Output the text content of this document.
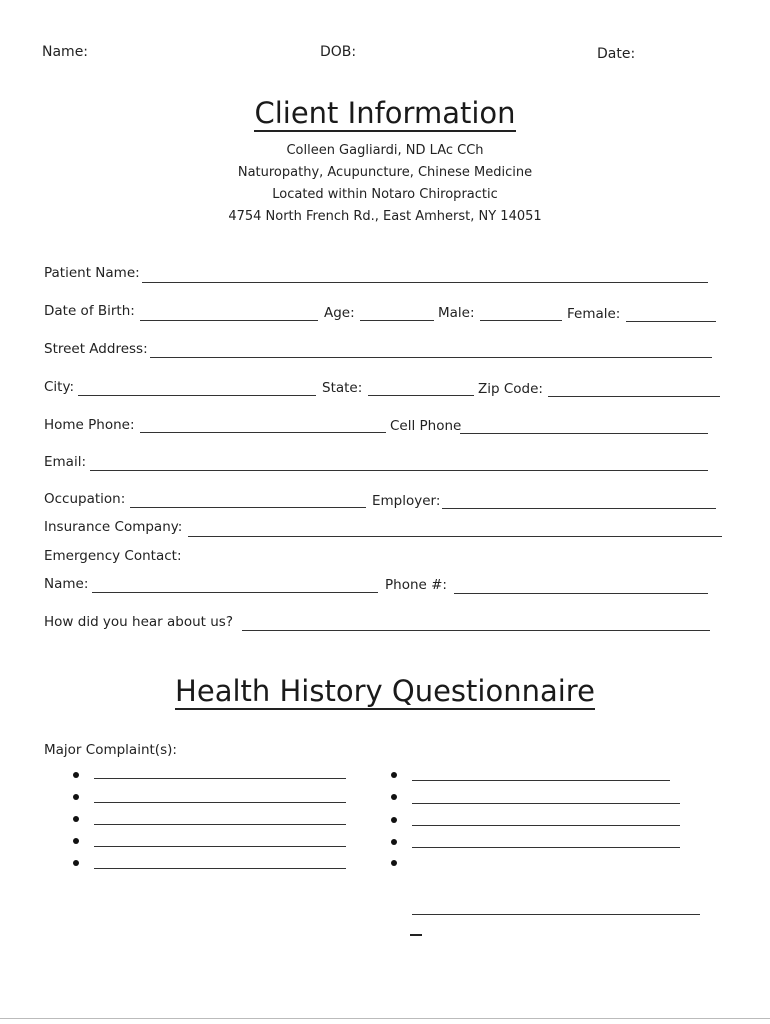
Name:	DOB:	Date:
Client Information
Colleen Gagliardi, ND LAc CCh
Naturopathy, Acupuncture, Chinese Medicine
Located within Notaro Chiropractic
4754 North French Rd., East Amherst, NY 14051
Patient Name:
Date of Birth:	Age:	Male:	Female:
Street Address:
City:	State:	Zip Code:
Home Phone:	Cell Phone
Email:
Occupation:	Employer:
Insurance Company:
Emergency Contact:
Name:	Phone #:
How did you hear about us?
Health History Questionnaire
Major Complaint(s):
